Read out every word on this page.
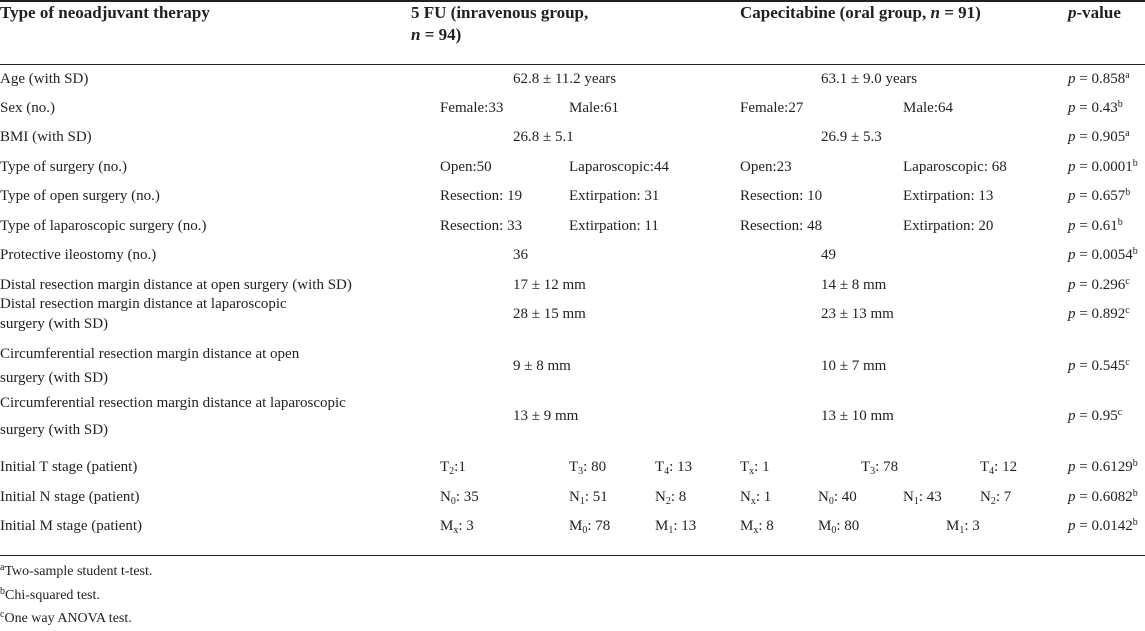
Type of neoadjuvant therapy	5 FU (inravenous group,
n = 94)
Capecitabine (oral group, n = 91)	p-value
Age (with SD)	62.8 ± 11.2 years	63.1 ± 9.0 years	p = 0.858$^a$
Sex (no.)	Female:33	Male:61	Female:27	Male:64	p = 0.43$^b$
BMI (with SD)	26.8 ± 5.1	26.9 ± 5.3	p = 0.905$^a$
Type of surgery (no.)	Open:50	Laparoscopic:44	Open:23	Laparoscopic: 68	p = 0.0001$^b$
Type of open surgery (no.)	Resection: 19	Extirpation: 31	Resection: 10	Extirpation: 13	p = 0.657$^b$
Type of laparoscopic surgery (no.)	Resection: 33	Extirpation: 11	Resection: 48	Extirpation: 20	p = 0.61$^b$
Protective ileostomy (no.)	36	49	p = 0.0054$^b$
Distal resection margin distance at open surgery (with SD)	17 ± 12 mm	14 ± 8 mm	p = 0.296$^c$
Distal resection margin distance at laparoscopic
surgery (with SD)
28 ± 15 mm	23 ± 13 mm	p = 0.892$^c$
Circumferential resection margin distance at open
surgery (with SD)
9 ± 8 mm	10 ± 7 mm	p = 0.545$^c$
Circumferential resection margin distance at laparoscopic
surgery (with SD)
13 ± 9 mm	13 ± 10 mm	p = 0.95$^c$
Initial T stage (patient)	$T_2:1$	$T_3$: 80	$T_4$: 13	$T_x$: 1	$T_3$: 78	$T_4$: 12	p = 0.6129$^b$
Initial N stage (patient)	$N_0$: 35	$N_1$: 51	$N_2$: 8	$N_x$: 1	$N_0$: 40	$N_1$: 43	$N_2$: 7	p = 0.6082$^b$
Initial M stage (patient)	$M_x$: 3	$M_0$: 78	$M_1$: 13	$M_x$: 8	$M_0$: 80	$M_1$: 3	p = 0.0142$^b$
$^a$Two-sample student t-test.
$^b$Chi-squared test.
$^c$One way ANOVA test.
